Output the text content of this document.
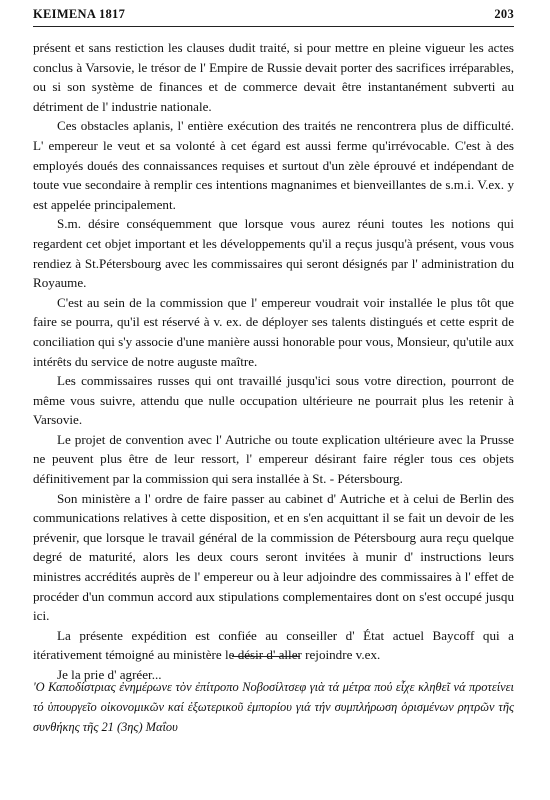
KEIMENA 1817	203

présent et sans restiction les clauses dudit traité, si pour mettre en pleine vigueur les actes conclus à Varsovie, le trésor de l' Empire de Russie devait porter des sacrifices irréparables, ou si son système de finances et de commerce devait être instantanément subverti au détriment de l' industrie nationale.

Ces obstacles aplanis, l' entière exécution des traités ne rencontrera plus de difficulté. L' empereur le veut et sa volonté à cet égard est aussi ferme qu'irrévocable. C'est à des employés doués des connaissances requises et surtout d'un zèle éprouvé et indépendant de toute vue secondaire à remplir ces intentions magnanimes et bienveillantes de s.m.i. V.ex. y est appelée principalement.

S.m. désire conséquemment que lorsque vous aurez réuni toutes les notions qui regardent cet objet important et les développements qu'il a reçus jusqu'à présent, vous vous rendiez à St.Pétersbourg avec les commissaires qui seront désignés par l' administration du Royaume.

C'est au sein de la commission que l' empereur voudrait voir installée le plus tôt que faire se pourra, qu'il est réservé à v. ex. de déployer ses talents distingués et cette esprit de conciliation qui s'y associe d'une manière aussi honorable pour vous, Monsieur, qu'utile aux intérêts du service de notre auguste maître.

Les commissaires russes qui ont travaillé jusqu'ici sous votre direction, pourront de même vous suivre, attendu que nulle occupation ultérieure ne pourrait plus les retenir à Varsovie.

Le projet de convention avec l' Autriche ou toute explication ultérieure avec la Prusse ne peuvent plus être de leur ressort, l' empereur désirant faire régler tous ces objets définitivement par la commission qui sera installée à St. - Pétersbourg.

Son ministère a l' ordre de faire passer au cabinet d' Autriche et à celui de Berlin des communications relatives à cette disposition, et en s'en acquittant il se fait un devoir de les prévenir, que lorsque le travail général de la commission de Pétersbourg aura reçu quelque degré de maturité, alors les deux cours seront invitées à munir d' instructions leurs ministres accrédités auprès de l' empereur ou à leur adjoindre des commissaires à l' effet de procéder d'un commun accord aux stipulations complementaires dont on s'est occupé jusqu ici.

La présente expédition est confiée au conseiller d' État actuel Baycoff qui a itérativement témoigné au ministère le désir d' aller rejoindre v.ex.

Je la prie d' agréer...

'Ο Καποδίστριας ἐνημέρωνε τὸν ἐπίτροπο Νοβοσίλτσεφ γιὰ τά μέτρα πού εἶχε κληθεῖ νά προτείνει τό ὑπουργεῖο οἰκονομικῶν καί ἐξωτερικοῦ ἐμπορίου γιά τήν συμπλήρωση ὁρισμένων ρητρῶν τῆς συνθήκης τῆς 21 (3ης) Μαΐου
